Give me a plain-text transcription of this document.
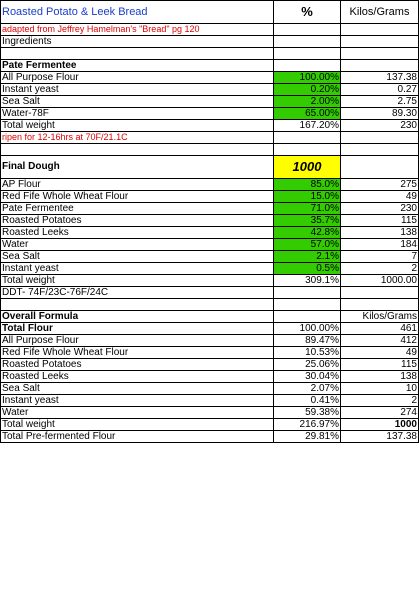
Roasted Potato & Leek Bread	%	Kilos/Grams
adapted from Jeffrey Hamelman's "Bread" pg 120		
Ingredients		

Pate Fermentee		
All Purpose Flour	100.00%	137.38
Instant yeast	0.20%	0.27
Sea Salt	2.00%	2.75
Water-78F	65.00%	89.30
Total weight	167.20%	230
ripen for 12-16hrs at 70F/21.1C		

Final Dough	1000	
AP Flour	85.0%	275
Red Fife Whole Wheat Flour	15.0%	49
Pate Fermentee	71.0%	230
Roasted Potatoes	35.7%	115
Roasted Leeks	42.8%	138
Water	57.0%	184
Sea Salt	2.1%	7
Instant yeast	0.5%	2
Total weight	309.1%	1000.00
DDT- 74F/23C-76F/24C		

Overall Formula		Kilos/Grams
Total Flour	100.00%	461
All Purpose Flour	89.47%	412
Red Fife Whole Wheat Flour	10.53%	49
Roasted Potatoes	25.06%	115
Roasted Leeks	30.04%	138
Sea Salt	2.07%	10
Instant yeast	0.41%	2
Water	59.38%	274
Total weight	216.97%	1000
Total Pre-fermented Flour	29.81%	137.38
